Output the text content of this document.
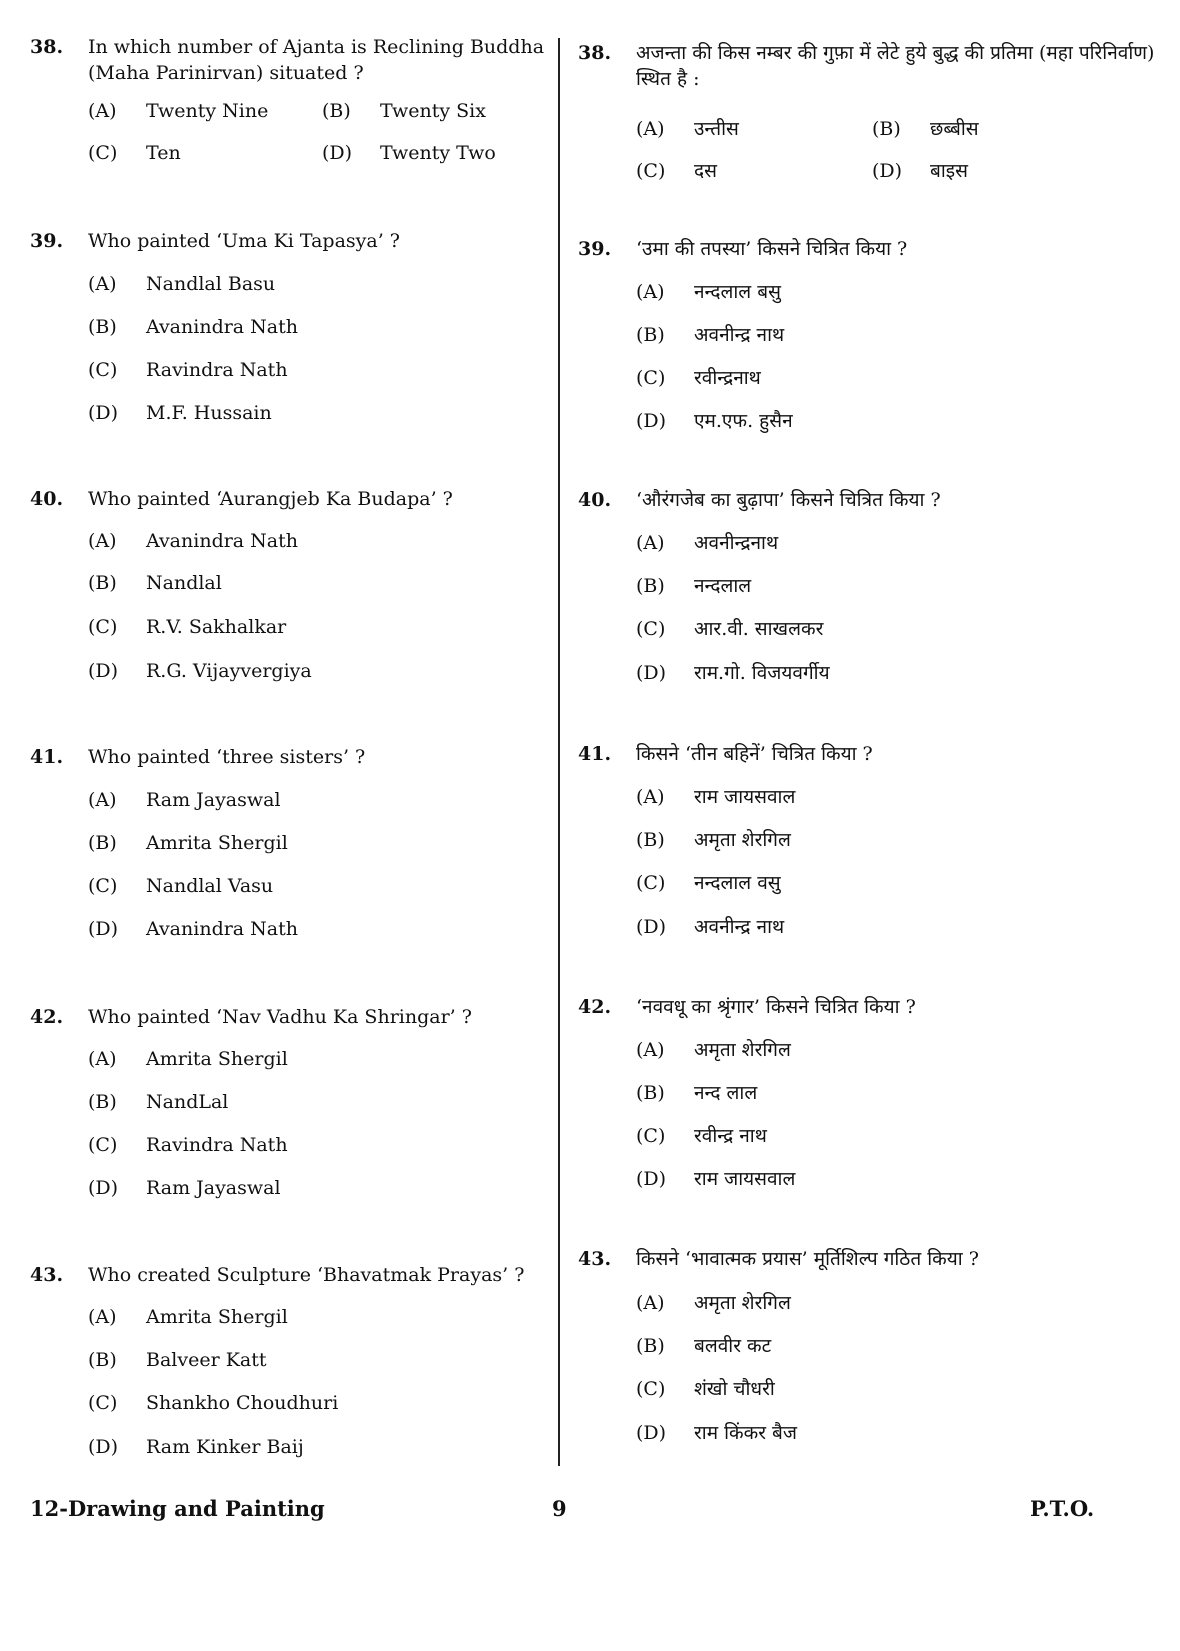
38. In which number of Ajanta is Reclining Buddha (Maha Parinirvan) situated ?
(A) Twenty Nine	(B) Twenty Six
(C) Ten	(D) Twenty Two
39. Who painted ‘Uma Ki Tapasya’ ?
(A) Nandlal Basu
(B) Avanindra Nath
(C) Ravindra Nath
(D) M.F. Hussain
40. Who painted ‘Aurangjeb Ka Budapa’ ?
(A) Avanindra Nath
(B) Nandlal
(C) R.V. Sakhalkar
(D) R.G. Vijayvergiya
41. Who painted ‘three sisters’ ?
(A) Ram Jayaswal
(B) Amrita Shergil
(C) Nandlal Vasu
(D) Avanindra Nath
42. Who painted ‘Nav Vadhu Ka Shringar’ ?
(A) Amrita Shergil
(B) NandLal
(C) Ravindra Nath
(D) Ram Jayaswal
43. Who created Sculpture ‘Bhavatmak Prayas’ ?
(A) Amrita Shergil
(B) Balveer Katt
(C) Shankho Choudhuri
(D) Ram Kinker Baij
38. अजन्ता की किस नम्बर की गुफ़ा में लेटे हुये बुद्ध की प्रतिमा (महा परिनिर्वाण) स्थित है :
(A) उन्तीस	(B) छब्बीस
(C) दस	(D) बाइस
39. ‘उमा की तपस्या’ किसने चित्रित किया ?
(A) नन्दलाल बसु
(B) अवनीन्द्र नाथ
(C) रवीन्द्रनाथ
(D) एम.एफ. हुसैन
40. ‘औरंगजेब का बुढ़ापा’ किसने चित्रित किया ?
(A) अवनीन्द्रनाथ
(B) नन्दलाल
(C) आर.वी. साखलकर
(D) राम.गो. विजयवर्गीय
41. किसने ‘तीन बहिनें’ चित्रित किया ?
(A) राम जायसवाल
(B) अमृता शेरगिल
(C) नन्दलाल वसु
(D) अवनीन्द्र नाथ
42. ‘नववधू का श्रृंगार’ किसने चित्रित किया ?
(A) अमृता शेरगिल
(B) नन्द लाल
(C) रवीन्द्र नाथ
(D) राम जायसवाल
43. किसने ‘भावात्मक प्रयास’ मूर्तिशिल्प गठित किया ?
(A) अमृता शेरगिल
(B) बलवीर कट
(C) शंखो चौधरी
(D) राम किंकर बैज
12-Drawing and Painting	9	P.T.O.
